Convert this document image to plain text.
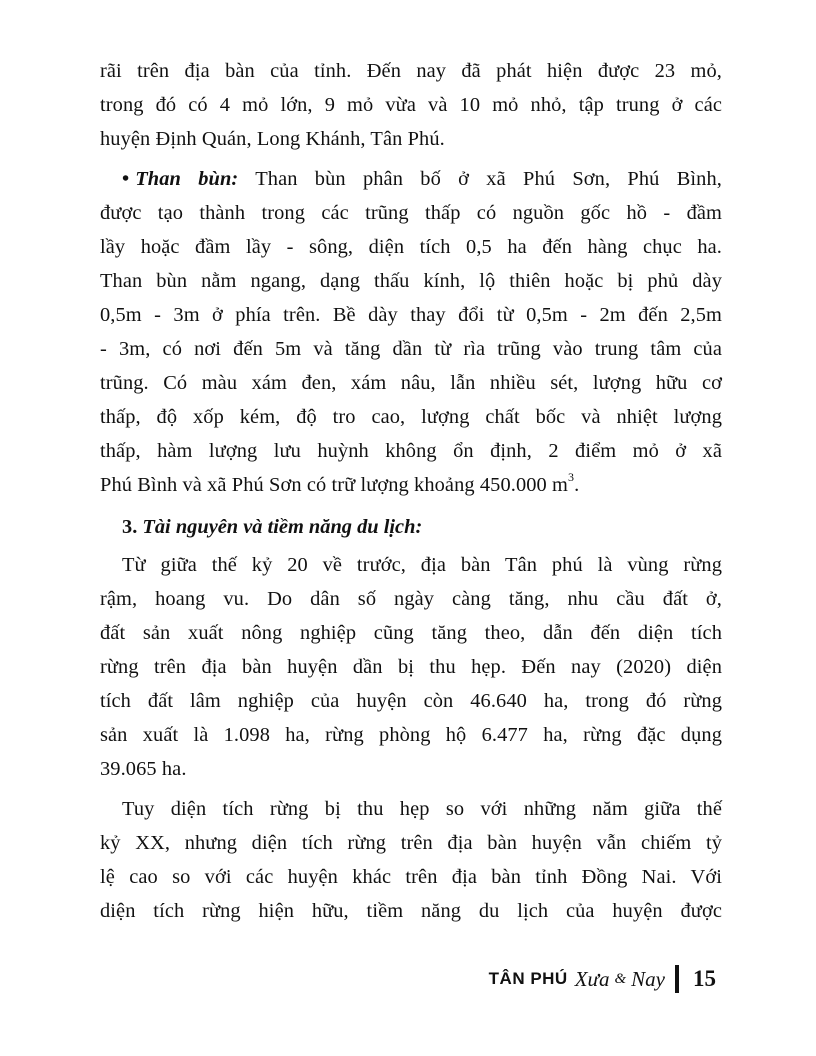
rãi trên địa bàn của tỉnh. Đến nay đã phát hiện được 23 mỏ,

trong đó có 4 mỏ lớn, 9 mỏ vừa và 10 mỏ nhỏ, tập trung ở các

huyện Định Quán, Long Khánh, Tân Phú.

• Than bùn: Than bùn phân bố ở xã Phú Sơn, Phú Bình,

được tạo thành trong các trũng thấp có nguồn gốc hồ - đầm

lầy hoặc đầm lầy - sông, diện tích 0,5 ha đến hàng chục ha.

Than bùn nằm ngang, dạng thấu kính, lộ thiên hoặc bị phủ dày

0,5m - 3m ở phía trên. Bề dày thay đổi từ 0,5m - 2m đến 2,5m

- 3m, có nơi đến 5m và tăng dần từ rìa trũng vào trung tâm của

trũng. Có màu xám đen, xám nâu, lẫn nhiều sét, lượng hữu cơ

thấp, độ xốp kém, độ tro cao, lượng chất bốc và nhiệt lượng

thấp, hàm lượng lưu huỳnh không ổn định, 2 điểm mỏ ở xã

Phú Bình và xã Phú Sơn có trữ lượng khoảng 450.000 $m^3$.

3. Tài nguyên và tiềm năng du lịch:

Từ giữa thế kỷ 20 về trước, địa bàn Tân phú là vùng rừng

rậm, hoang vu. Do dân số ngày càng tăng, nhu cầu đất ở,

đất sản xuất nông nghiệp cũng tăng theo, dẫn đến diện tích

rừng trên địa bàn huyện dần bị thu hẹp. Đến nay (2020) diện

tích đất lâm nghiệp của huyện còn 46.640 ha, trong đó rừng

sản xuất là 1.098 ha, rừng phòng hộ 6.477 ha, rừng đặc dụng

39.065 ha.

Tuy diện tích rừng bị thu hẹp so với những năm giữa thế

kỷ XX, nhưng diện tích rừng trên địa bàn huyện vẫn chiếm tỷ

lệ cao so với các huyện khác trên địa bàn tỉnh Đồng Nai. Với

diện tích rừng hiện hữu, tiềm năng du lịch của huyện được

TÂN PHÚ Xưa & Nay 15
